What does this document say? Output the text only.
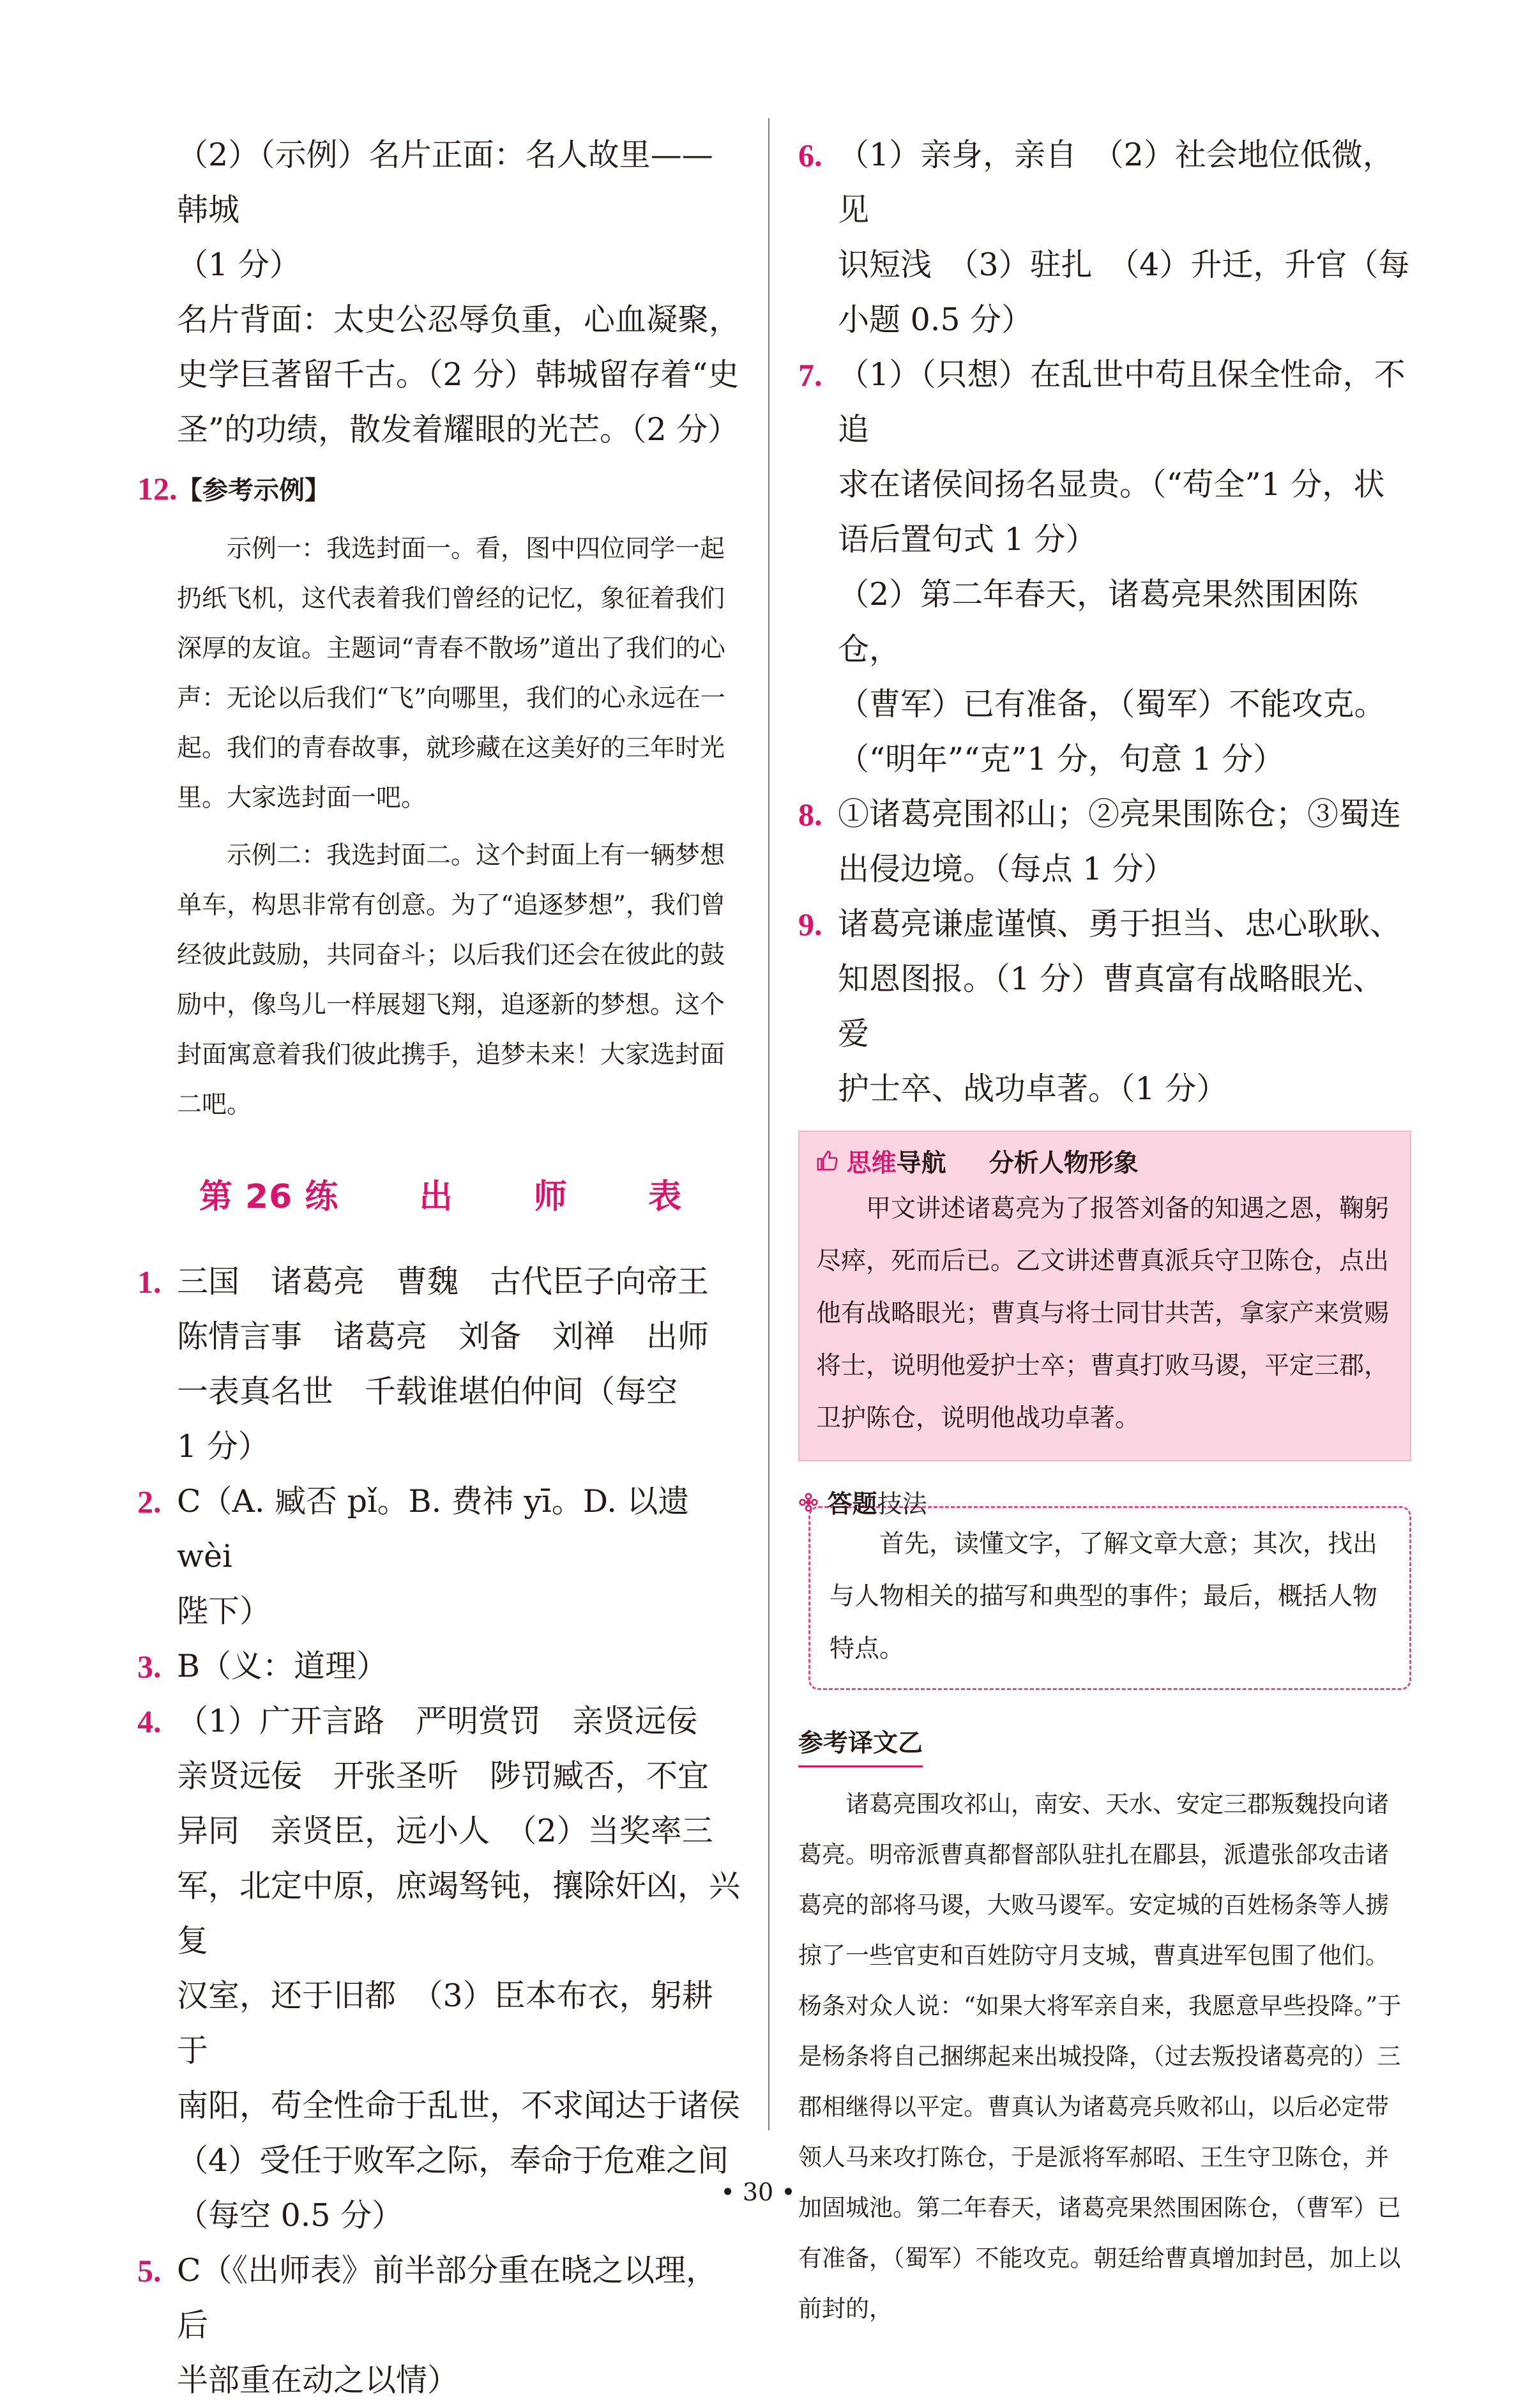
（2）（示例）名片正面：名人故里——韩城
（1 分）
名片背面：太史公忍辱负重，心血凝聚，
史学巨著留千古。（2 分）韩城留存着“史
圣”的功绩，散发着耀眼的光芒。（2 分）
12. 【参考示例】

示例一：我选封面一。看，图中四位同学一起扔纸飞机，这代表着我们曾经的记忆，象征着我们深厚的友谊。主题词“青春不散场”道出了我们的心声：无论以后我们“飞”向哪里，我们的心永远在一起。我们的青春故事，就珍藏在这美好的三年时光里。大家选封面一吧。

示例二：我选封面二。这个封面上有一辆梦想单车，构思非常有创意。为了“追逐梦想”，我们曾经彼此鼓励，共同奋斗；以后我们还会在彼此的鼓励中，像鸟儿一样展翅飞翔，追逐新的梦想。这个封面寓意着我们彼此携手，追梦未来！大家选封面二吧。

第 26 练 出 师 表
1. 三国　诸葛亮　曹魏　古代臣子向帝王
陈情言事　诸葛亮　刘备　刘禅　出师
一表真名世　千载谁堪伯仲间（每空
1 分）
2. C（A. 臧否 pǐ。B. 费祎 yī。D. 以遗 wèi
陛下）
3. B（义：道理）
4. （1）广开言路　严明赏罚　亲贤远佞
亲贤远佞　开张圣听　陟罚臧否，不宜
异同　亲贤臣，远小人　（2）当奖率三
军，北定中原，庶竭驽钝，攘除奸凶，兴复
汉室，还于旧都　（3）臣本布衣，躬耕于
南阳，苟全性命于乱世，不求闻达于诸侯
（4）受任于败军之际，奉命于危难之间
（每空 0.5 分）
5. C（《出师表》前半部分重在晓之以理，后
半部重在动之以情）
6. （1）亲身，亲自　（2）社会地位低微，见
识短浅　（3）驻扎　（4）升迁，升官（每
小题 0.5 分）
7. （1）（只想）在乱世中苟且保全性命，不追
求在诸侯间扬名显贵。（“苟全”1 分，状
语后置句式 1 分）
（2）第二年春天，诸葛亮果然围困陈仓，
（曹军）已有准备，（蜀军）不能攻克。
（“明年”“克”1 分，句意 1 分）
8. ①诸葛亮围祁山；②亮果围陈仓；③蜀连
出侵边境。（每点 1 分）
9. 诸葛亮谦虚谨慎、勇于担当、忠心耿耿、
知恩图报。（1 分）曹真富有战略眼光、爱
护士卒、战功卓著。（1 分）
思维导航 分析人物形象

甲文讲述诸葛亮为了报答刘备的知遇之恩，鞠躬尽瘁，死而后已。乙文讲述曹真派兵守卫陈仓，点出他有战略眼光；曹真与将士同甘共苦，拿家产来赏赐将士，说明他爱护士卒；曹真打败马谡，平定三郡，卫护陈仓，说明他战功卓著。

答题技法

首先，读懂文字，了解文章大意；其次，找出与人物相关的描写和典型的事件；最后，概括人物特点。

参考译文乙

诸葛亮围攻祁山，南安、天水、安定三郡叛魏投向诸葛亮。明帝派曹真都督部队驻扎在郿县，派遣张郃攻击诸葛亮的部将马谡，大败马谡军。安定城的百姓杨条等人掳掠了一些官吏和百姓防守月支城，曹真进军包围了他们。杨条对众人说：“如果大将军亲自来，我愿意早些投降。”于是杨条将自己捆绑起来出城投降，（过去叛投诸葛亮的）三郡相继得以平定。曹真认为诸葛亮兵败祁山，以后必定带领人马来攻打陈仓，于是派将军郝昭、王生守卫陈仓，并加固城池。第二年春天，诸葛亮果然围困陈仓，（曹军）已有准备，（蜀军）不能攻克。朝廷给曹真增加封邑，加上以前封的，

• 30 •
